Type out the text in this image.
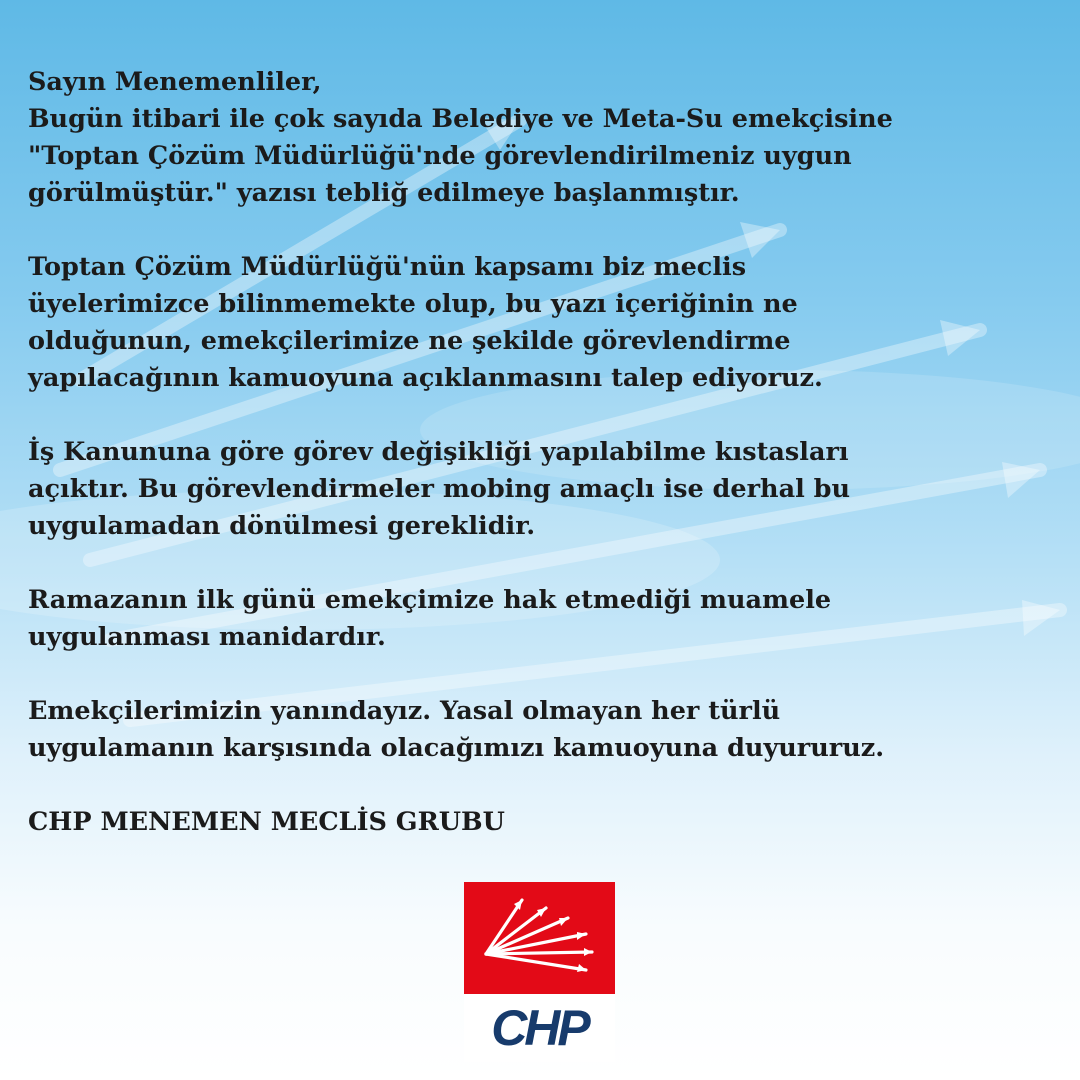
Sayın Menemenliler,
Bugün itibari ile çok sayıda Belediye ve Meta-Su emekçisine
"Toptan Çözüm Müdürlüğü'nde görevlendirilmeniz uygun
görülmüştür." yazısı tebliğ edilmeye başlanmıştır.
Toptan Çözüm Müdürlüğü'nün kapsamı biz meclis
üyelerimizce bilinmemekte olup, bu yazı içeriğinin ne
olduğunun, emekçilerimize ne şekilde görevlendirme
yapılacağının kamuoyuna açıklanmasını talep ediyoruz.
İş Kanununa göre görev değişikliği yapılabilme kıstasları
açıktır. Bu görevlendirmeler mobing amaçlı ise derhal bu
uygulamadan dönülmesi gereklidir.
Ramazanın ilk günü emekçimize hak etmediği muamele
uygulanması manidardır.
Emekçilerimizin yanındayız. Yasal olmayan her türlü
uygulamanın karşısında olacağımızı kamuoyuna duyururuz.
CHP MENEMEN MECLİS GRUBU
CHP
